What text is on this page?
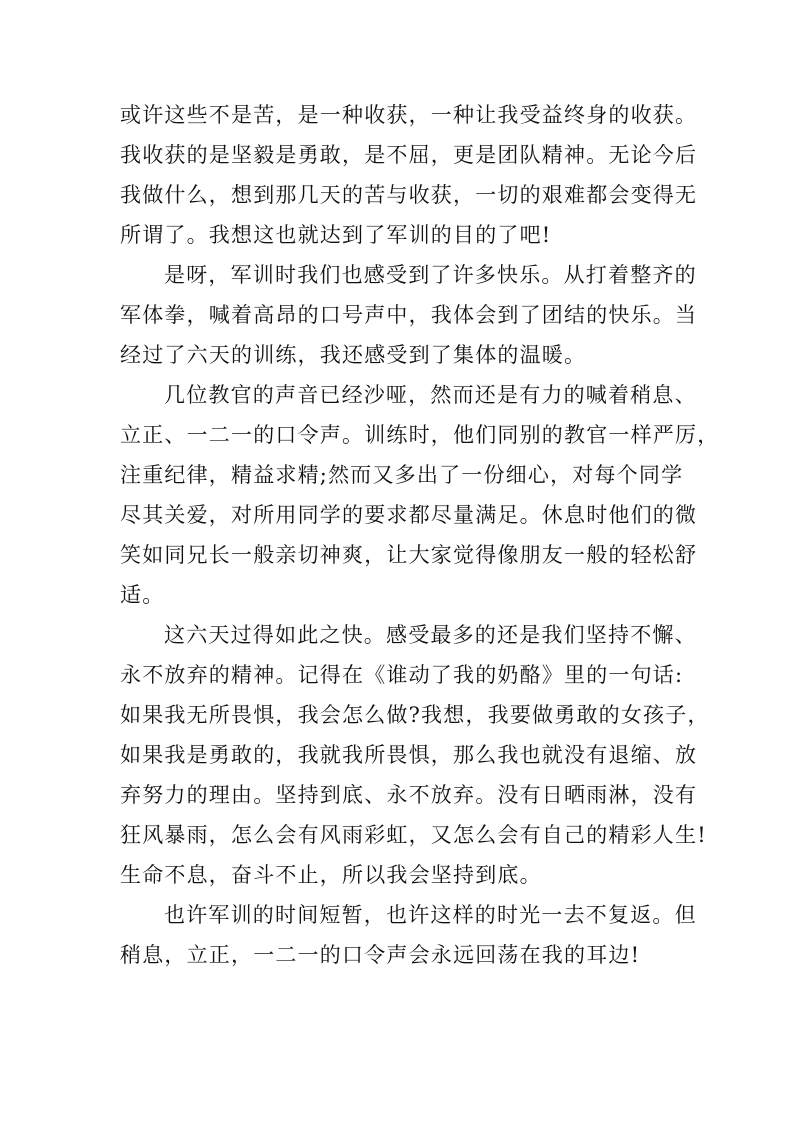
或许这些不是苦，是一种收获，一种让我受益终身的收获。
我收获的是坚毅是勇敢，是不屈，更是团队精神。无论今后
我做什么，想到那几天的苦与收获，一切的艰难都会变得无
所谓了。我想这也就达到了军训的目的了吧!
是呀，军训时我们也感受到了许多快乐。从打着整齐的
军体拳，喊着高昂的口号声中，我体会到了团结的快乐。当
经过了六天的训练，我还感受到了集体的温暖。
几位教官的声音已经沙哑，然而还是有力的喊着稍息、
立正、一二一的口令声。训练时，他们同别的教官一样严厉，
注重纪律，精益求精;然而又多出了一份细心，对每个同学
尽其关爱，对所用同学的要求都尽量满足。休息时他们的微
笑如同兄长一般亲切神爽，让大家觉得像朋友一般的轻松舒
适。
这六天过得如此之快。感受最多的还是我们坚持不懈、
永不放弃的精神。记得在《谁动了我的奶酪》里的一句话:
如果我无所畏惧，我会怎么做?我想，我要做勇敢的女孩子，
如果我是勇敢的，我就我所畏惧，那么我也就没有退缩、放
弃努力的理由。坚持到底、永不放弃。没有日晒雨淋，没有
狂风暴雨，怎么会有风雨彩虹，又怎么会有自己的精彩人生!
生命不息，奋斗不止，所以我会坚持到底。
也许军训的时间短暂，也许这样的时光一去不复返。但
稍息，立正，一二一的口令声会永远回荡在我的耳边!
